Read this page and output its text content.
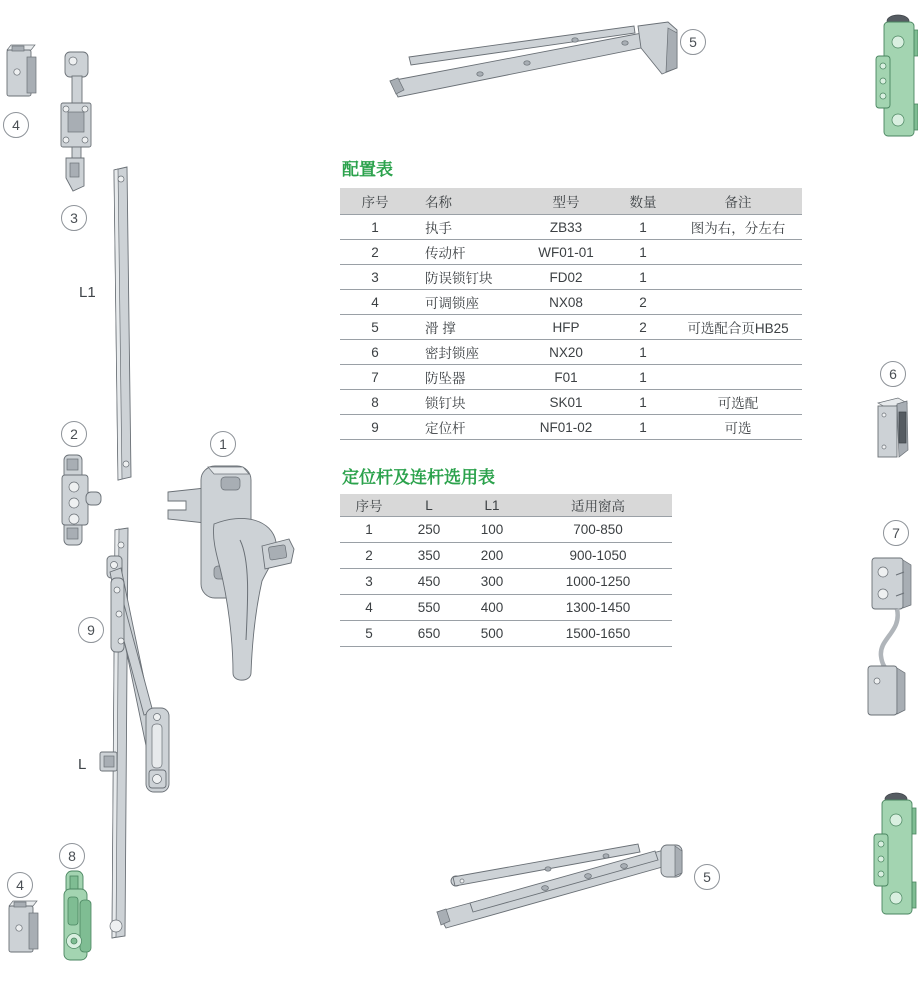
4
3
2
1
9
8
4
5
5
6
7
L1
L
配置表
序号	名称	型号	数量	备注
1	执手	ZB33	1	图为右，分左右
2	传动杆	WF01-01	1	
3	防误锁钉块	FD02	1	
4	可调锁座	NX08	2	
5	滑 撑	HFP	2	可选配合页HB25
6	密封锁座	NX20	1	
7	防坠器	F01	1	
8	锁钉块	SK01	1	可选配
9	定位杆	NF01-02	1	可选
定位杆及连杆选用表
序号	L	L1	适用窗高
1	250	100	700-850
2	350	200	900-1050
3	450	300	1000-1250
4	550	400	1300-1450
5	650	500	1500-1650
